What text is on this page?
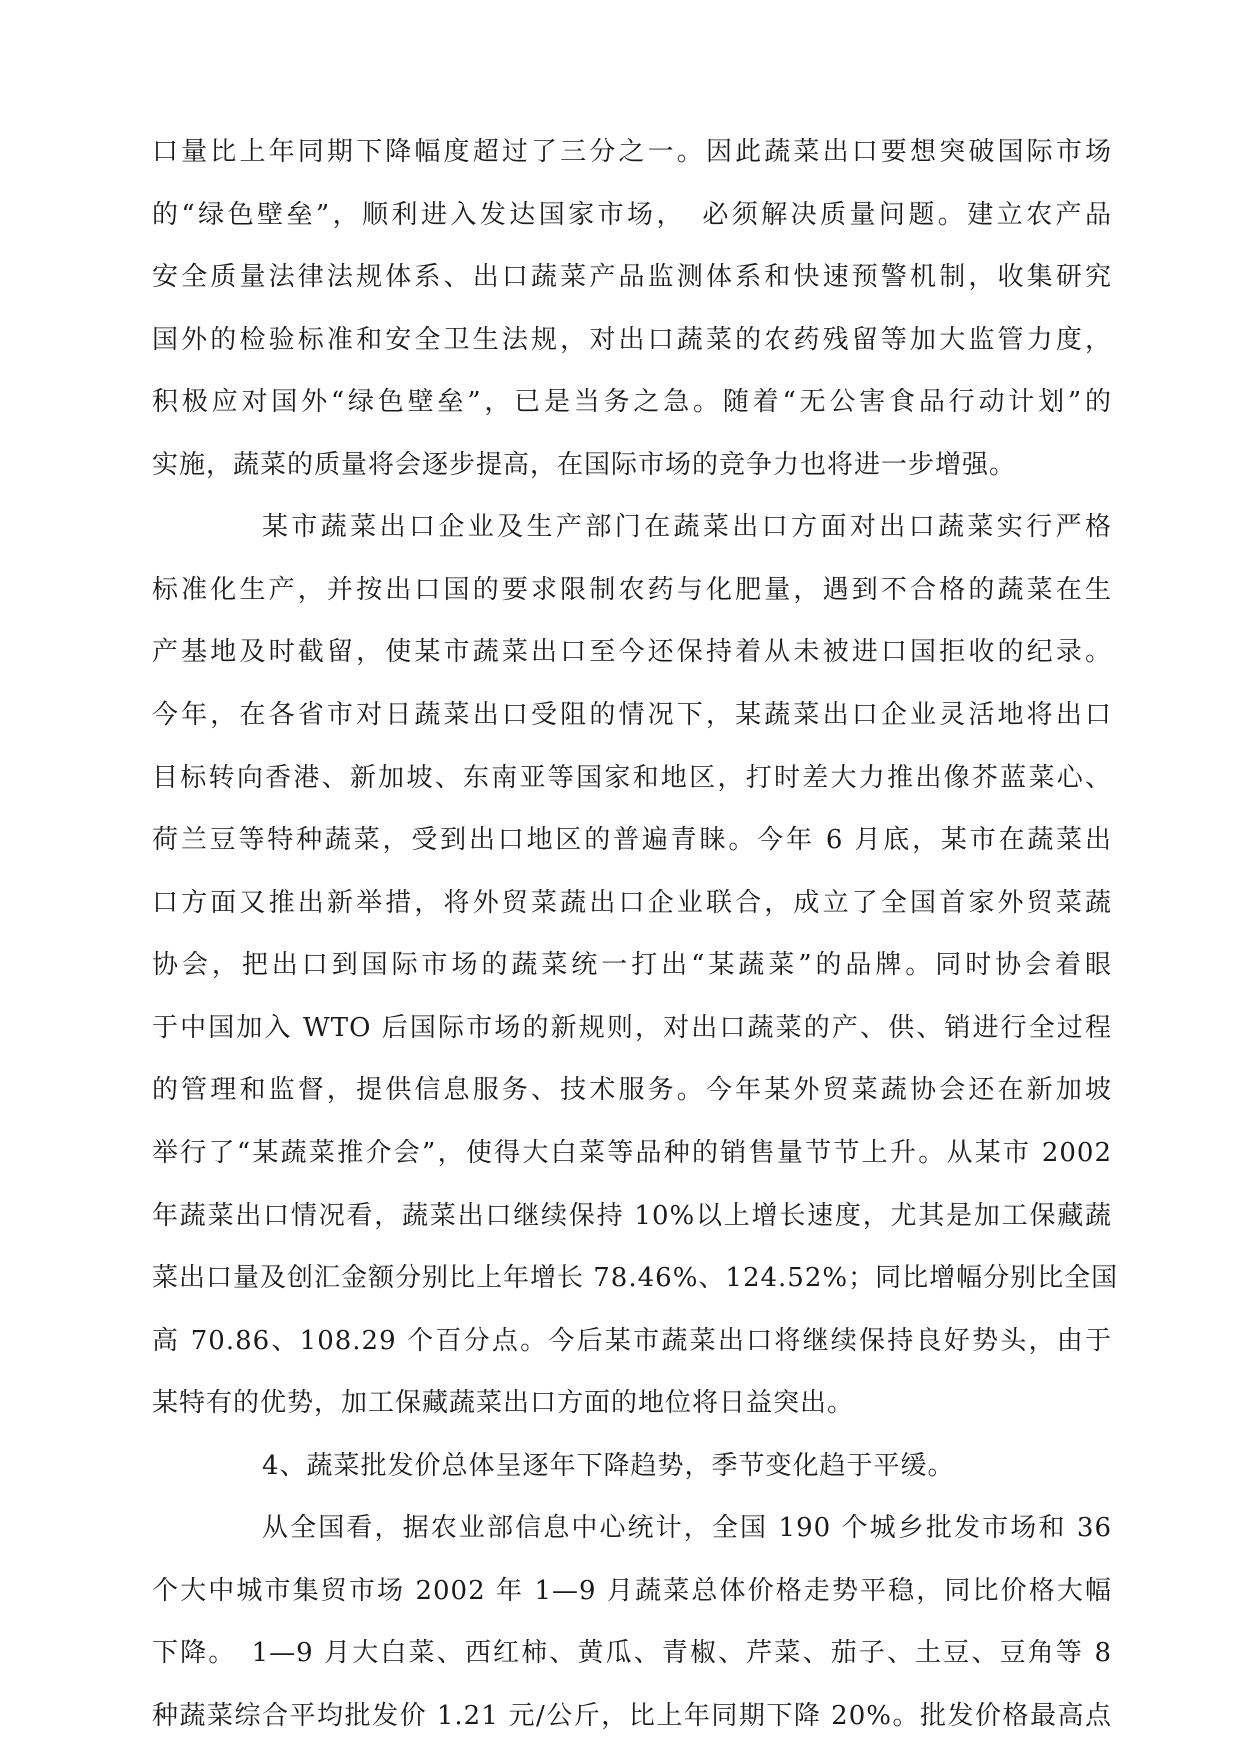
口量比上年同期下降幅度超过了三分之一。因此蔬菜出口要想突破国际市场
的“绿色壁垒”，顺利进入发达国家市场，　必须解决质量问题。建立农产品
安全质量法律法规体系、出口蔬菜产品监测体系和快速预警机制，收集研究
国外的检验标准和安全卫生法规，对出口蔬菜的农药残留等加大监管力度，
积极应对国外“绿色壁垒”，已是当务之急。随着“无公害食品行动计划”的
实施，蔬菜的质量将会逐步提高，在国际市场的竞争力也将进一步增强。
某市蔬菜出口企业及生产部门在蔬菜出口方面对出口蔬菜实行严格
标准化生产，并按出口国的要求限制农药与化肥量，遇到不合格的蔬菜在生
产基地及时截留，使某市蔬菜出口至今还保持着从未被进口国拒收的纪录。
今年，在各省市对日蔬菜出口受阻的情况下，某蔬菜出口企业灵活地将出口
目标转向香港、新加坡、东南亚等国家和地区，打时差大力推出像芥蓝菜心、
荷兰豆等特种蔬菜，受到出口地区的普遍青睐。今年 6 月底，某市在蔬菜出
口方面又推出新举措，将外贸菜蔬出口企业联合，成立了全国首家外贸菜蔬
协会，把出口到国际市场的蔬菜统一打出“某蔬菜”的品牌。同时协会着眼
于中国加入 WTO 后国际市场的新规则，对出口蔬菜的产、供、销进行全过程
的管理和监督，提供信息服务、技术服务。今年某外贸菜蔬协会还在新加坡
举行了“某蔬菜推介会”，使得大白菜等品种的销售量节节上升。从某市 2002
年蔬菜出口情况看，蔬菜出口继续保持 10%以上增长速度，尤其是加工保藏蔬
菜出口量及创汇金额分别比上年增长 78.46%、124.52%；同比增幅分别比全国
高 70.86、108.29 个百分点。今后某市蔬菜出口将继续保持良好势头，由于
某特有的优势，加工保藏蔬菜出口方面的地位将日益突出。
4、蔬菜批发价总体呈逐年下降趋势，季节变化趋于平缓。
从全国看，据农业部信息中心统计，全国 190 个城乡批发市场和 36
个大中城市集贸市场 2002 年 1—9 月蔬菜总体价格走势平稳，同比价格大幅
下降。　1—9 月大白菜、西红柿、黄瓜、青椒、芹菜、茄子、土豆、豆角等 8
种蔬菜综合平均批发价 1.21 元/公斤，比上年同期下降 20%。批发价格最高点
